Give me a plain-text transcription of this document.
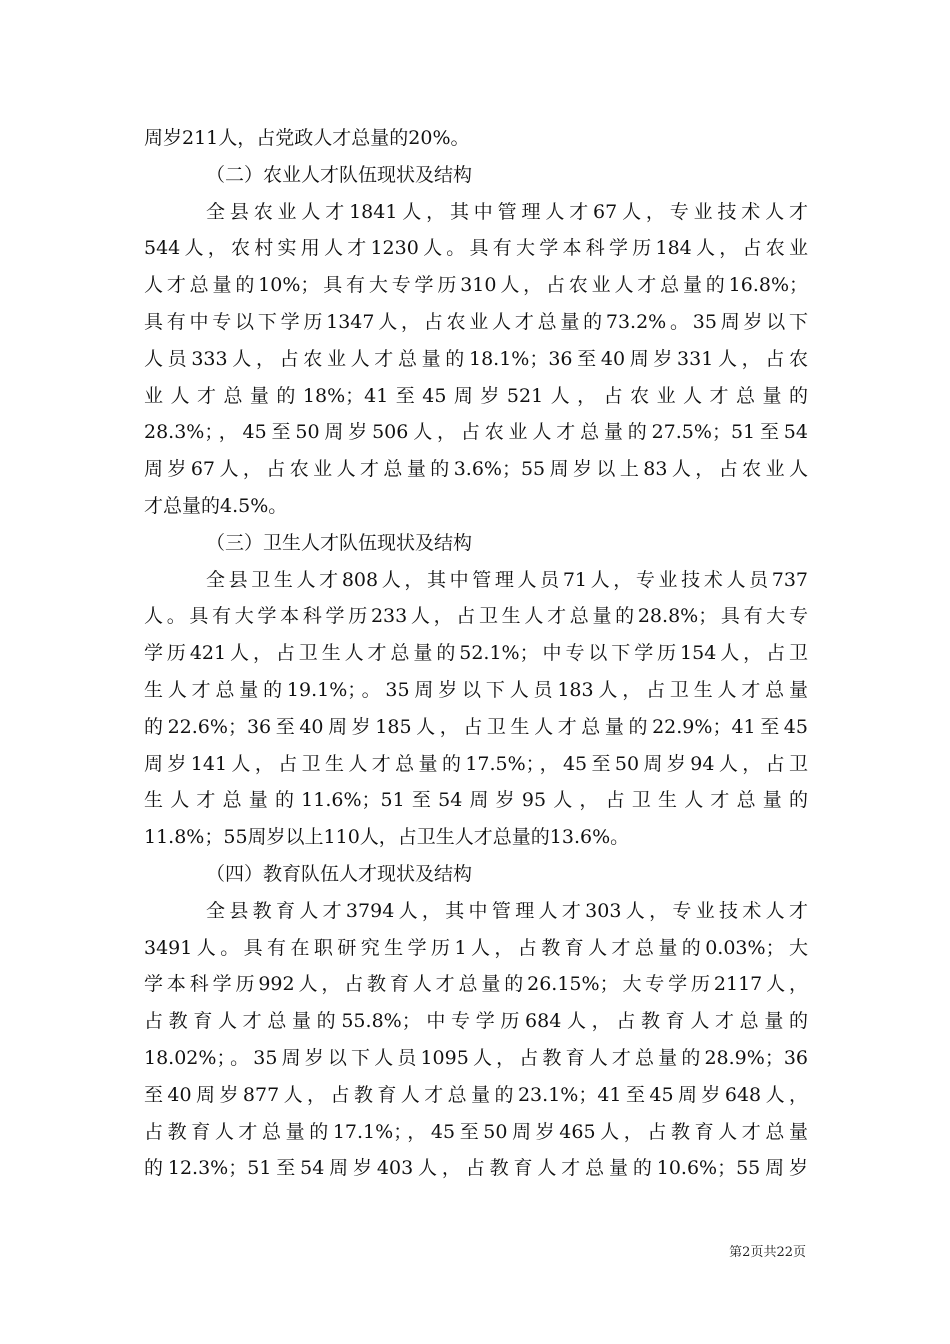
周岁211人，占党政人才总量的20%。
（二）农业人才队伍现状及结构
全县农业人才1841人，其中管理人才67人，专业技术人才
544人，农村实用人才1230人。具有大学本科学历184人，占农业
人才总量的10%；具有大专学历310人，占农业人才总量的16.8%；
具有中专以下学历1347人，占农业人才总量的73.2%。35周岁以下
人员333人，占农业人才总量的18.1%；36至40周岁331人，占农
业人才总量的18%；41至45周岁521人，占农业人才总量的
28.3%；，45至50周岁506人，占农业人才总量的27.5%；51至54
周岁67人，占农业人才总量的3.6%；55周岁以上83人，占农业人
才总量的4.5%。
（三）卫生人才队伍现状及结构
全县卫生人才808人，其中管理人员71人，专业技术人员737
人。具有大学本科学历233人，占卫生人才总量的28.8%；具有大专
学历421人，占卫生人才总量的52.1%；中专以下学历154人，占卫
生人才总量的19.1%；。35周岁以下人员183人，占卫生人才总量
的22.6%；36至40周岁185人，占卫生人才总量的22.9%；41至45
周岁141人，占卫生人才总量的17.5%；，45至50周岁94人，占卫
生人才总量的11.6%；51至54周岁95人，占卫生人才总量的
11.8%；55周岁以上110人，占卫生人才总量的13.6%。
（四）教育队伍人才现状及结构
全县教育人才3794人，其中管理人才303人，专业技术人才
3491人。具有在职研究生学历1人，占教育人才总量的0.03%；大
学本科学历992人，占教育人才总量的26.15%；大专学历2117人，
占教育人才总量的55.8%；中专学历684人，占教育人才总量的
18.02%；。35周岁以下人员1095人，占教育人才总量的28.9%；36
至40周岁877人，占教育人才总量的23.1%；41至45周岁648人，
占教育人才总量的17.1%；，45至50周岁465人，占教育人才总量
的12.3%；51至54周岁403人，占教育人才总量的10.6%；55周岁
第2页共22页
